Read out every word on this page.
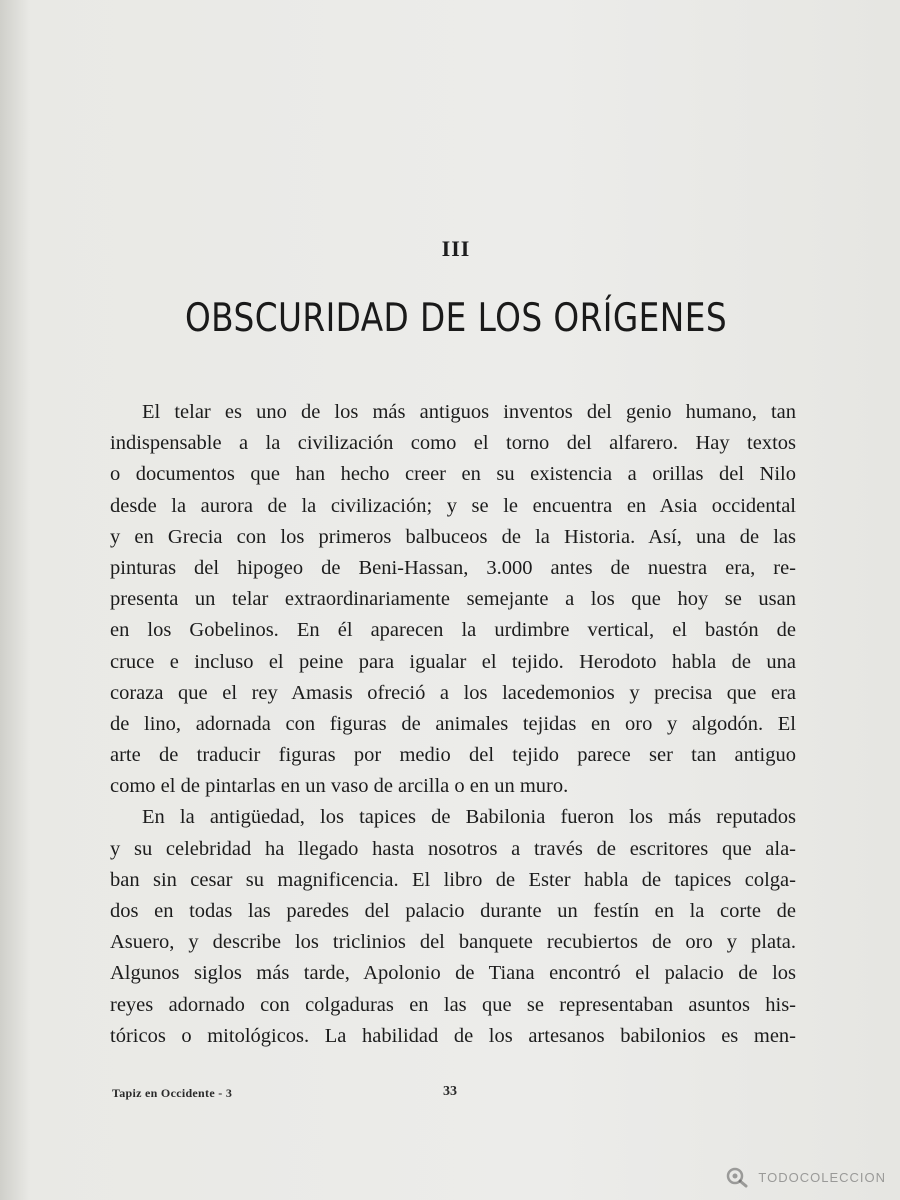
III
OBSCURIDAD DE LOS ORÍGENES
El telar es uno de los más antiguos inventos del genio humano, tan
indispensable a la civilización como el torno del alfarero. Hay textos
o documentos que han hecho creer en su existencia a orillas del Nilo
desde la aurora de la civilización; y se le encuentra en Asia occidental
y en Grecia con los primeros balbuceos de la Historia. Así, una de las
pinturas del hipogeo de Beni-Hassan, 3.000 antes de nuestra era, re-
presenta un telar extraordinariamente semejante a los que hoy se usan
en los Gobelinos. En él aparecen la urdimbre vertical, el bastón de
cruce e incluso el peine para igualar el tejido. Herodoto habla de una
coraza que el rey Amasis ofreció a los lacedemonios y precisa que era
de lino, adornada con figuras de animales tejidas en oro y algodón. El
arte de traducir figuras por medio del tejido parece ser tan antiguo
como el de pintarlas en un vaso de arcilla o en un muro.
En la antigüedad, los tapices de Babilonia fueron los más reputados
y su celebridad ha llegado hasta nosotros a través de escritores que ala-
ban sin cesar su magnificencia. El libro de Ester habla de tapices colga-
dos en todas las paredes del palacio durante un festín en la corte de
Asuero, y describe los triclinios del banquete recubiertos de oro y plata.
Algunos siglos más tarde, Apolonio de Tiana encontró el palacio de los
reyes adornado con colgaduras en las que se representaban asuntos his-
tóricos o mitológicos. La habilidad de los artesanos babilonios es men-
Tapiz en Occidente - 3	33
TODOCOLECCION
